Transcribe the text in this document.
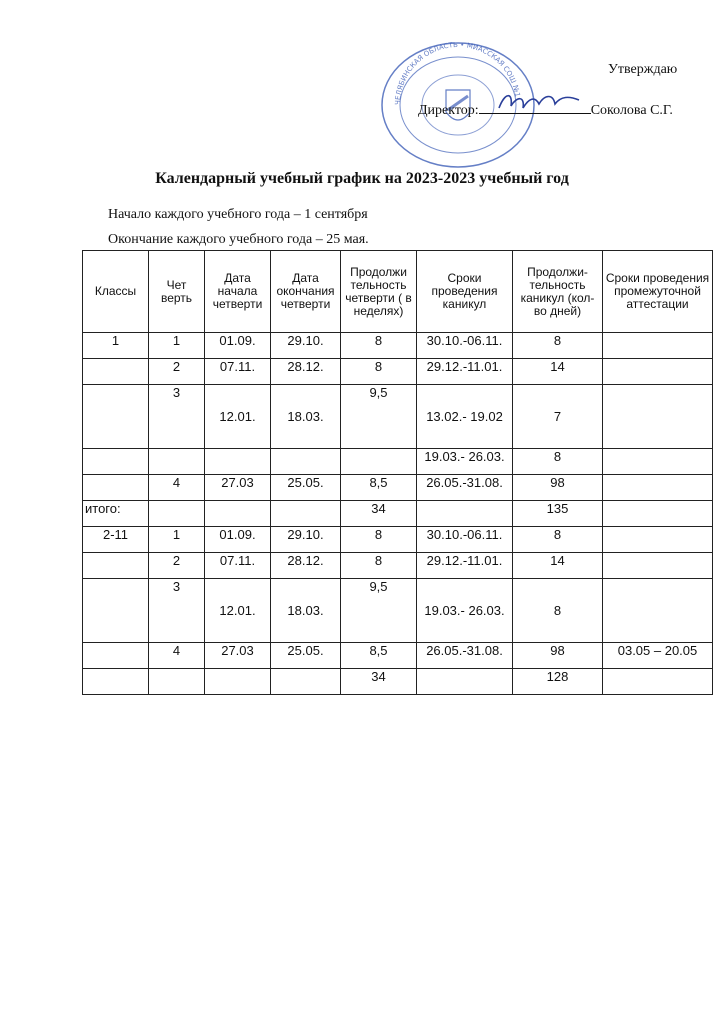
ЧЕЛЯБИНСКАЯ ОБЛАСТЬ • МИАССКАЯ СОШ №1
Утверждаю
Директор:	Соколова С.Г.
Календарный учебный график на 2023-2023 учебный год
Начало каждого учебного года – 1 сентября
Окончание каждого учебного года – 25 мая.
Классы	Чет верть	Дата начала четверти	Дата окончания четверти	Продолжи тельность четверти ( в неделях)	Сроки проведения каникул	Продолжи-тельность каникул (кол-во дней)	Сроки проведения промежуточной аттестации
1	1	01.09.	29.10.	8	30.10.-06.11.	8	
	2	07.11.	28.12.	8	29.12.-11.01.	14	
	3	12.01.	18.03.	9,5	13.02.- 19.02	7	
					19.03.- 26.03.	8	
	4	27.03	25.05.	8,5	26.05.-31.08.	98	
итого:				34		135	
2-11	1	01.09.	29.10.	8	30.10.-06.11.	8	
	2	07.11.	28.12.	8	29.12.-11.01.	14	
	3	12.01.	18.03.	9,5	19.03.- 26.03.	8	
	4	27.03	25.05.	8,5	26.05.-31.08.	98	03.05 – 20.05
				34		128	
